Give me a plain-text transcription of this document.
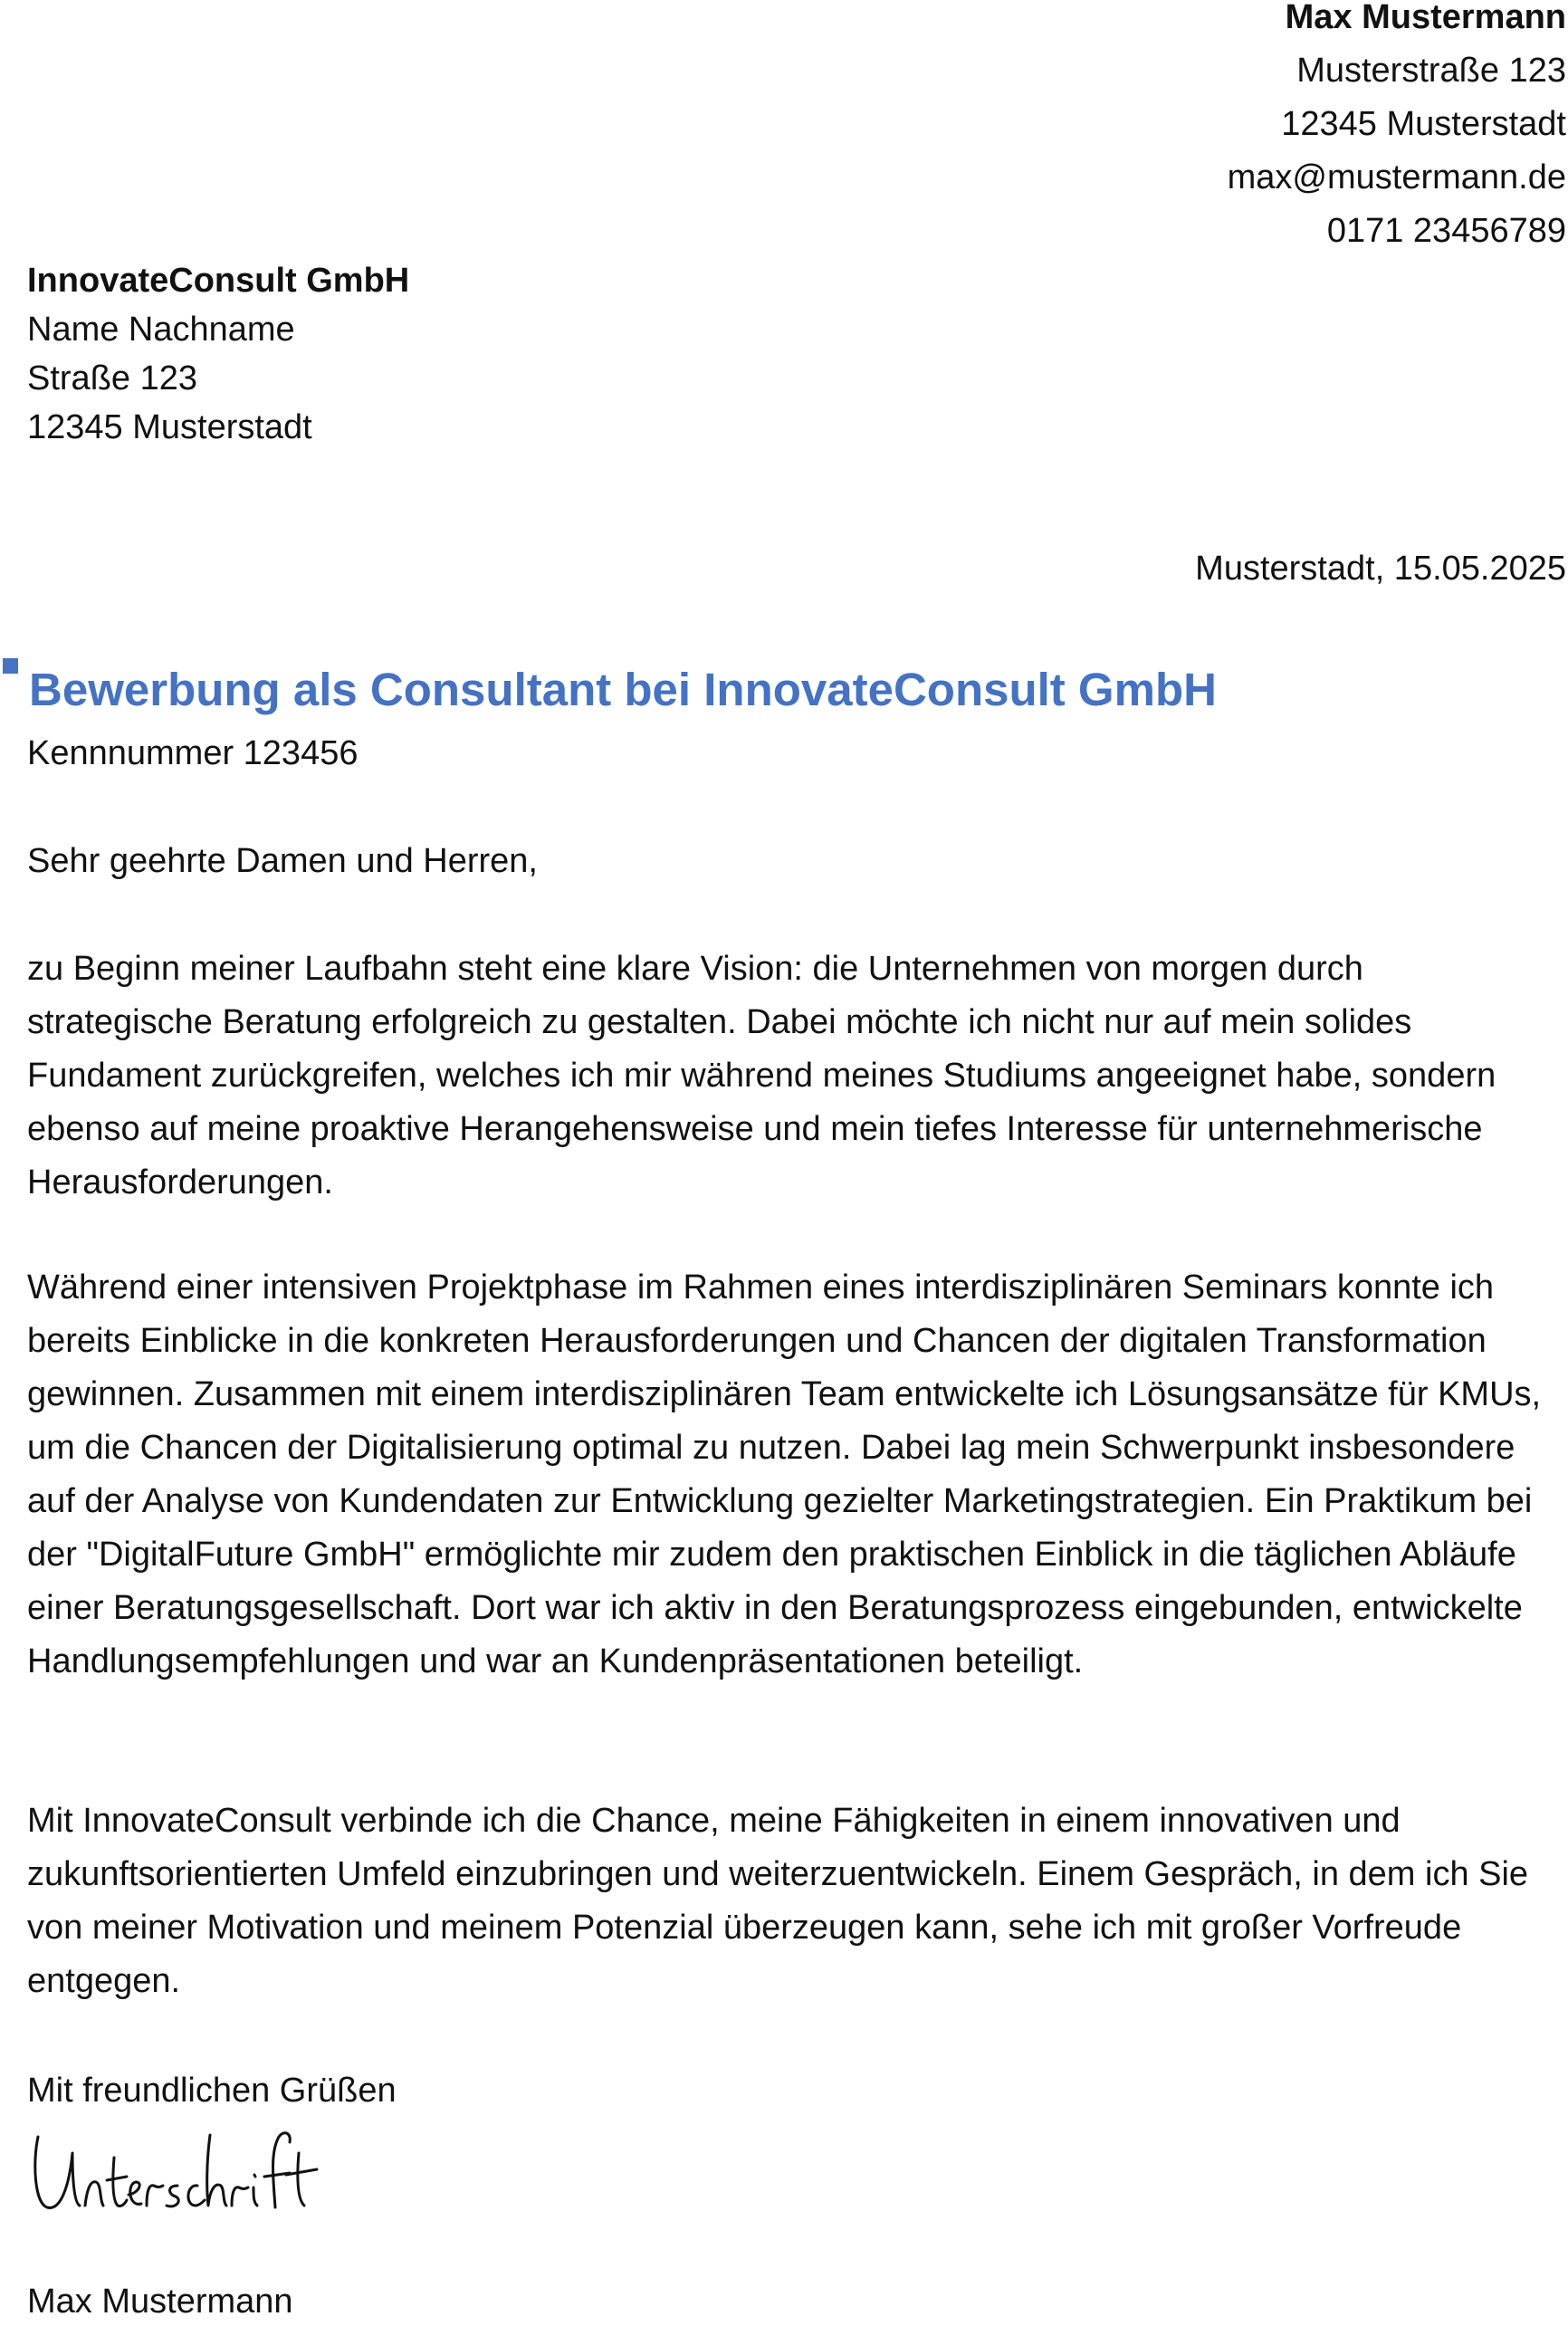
Max Mustermann
Musterstraße 123
12345 Musterstadt
max@mustermann.de
0171 23456789
InnovateConsult GmbH
Name Nachname
Straße 123
12345 Musterstadt
Musterstadt, 15.05.2025
Bewerbung als Consultant bei InnovateConsult GmbH
Kennnummer 123456
Sehr geehrte Damen und Herren,

zu Beginn meiner Laufbahn steht eine klare Vision: die Unternehmen von morgen durch strategische Beratung erfolgreich zu gestalten. Dabei möchte ich nicht nur auf mein solides Fundament zurückgreifen, welches ich mir während meines Studiums angeeignet habe, sondern ebenso auf meine proaktive Herangehensweise und mein tiefes Interesse für unternehmerische Herausforderungen.

Während einer intensiven Projektphase im Rahmen eines interdisziplinären Seminars konnte ich bereits Einblicke in die konkreten Herausforderungen und Chancen der digitalen Transformation gewinnen. Zusammen mit einem interdisziplinären Team entwickelte ich Lösungsansätze für KMUs, um die Chancen der Digitalisierung optimal zu nutzen. Dabei lag mein Schwerpunkt insbesondere auf der Analyse von Kundendaten zur Entwicklung gezielter Marketingstrategien. Ein Praktikum bei der "DigitalFuture GmbH" ermöglichte mir zudem den praktischen Einblick in die täglichen Abläufe einer Beratungsgesellschaft. Dort war ich aktiv in den Beratungsprozess eingebunden, entwickelte Handlungsempfehlungen und war an Kundenpräsentationen beteiligt.

Mit InnovateConsult verbinde ich die Chance, meine Fähigkeiten in einem innovativen und zukunftsorientierten Umfeld einzubringen und weiterzuentwickeln. Einem Gespräch, in dem ich Sie von meiner Motivation und meinem Potenzial überzeugen kann, sehe ich mit großer Vorfreude entgegen.

Mit freundlichen Grüßen
Max Mustermann
